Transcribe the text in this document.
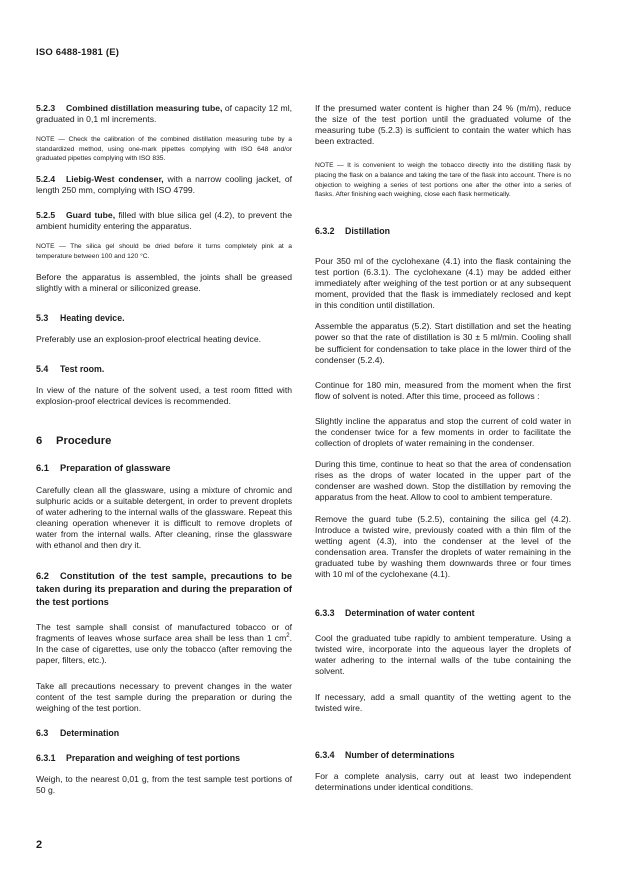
ISO 6488-1981 (E)

5.2.3 Combined distillation measuring tube, of capacity 12 ml, graduated in 0,1 ml increments.

NOTE — Check the calibration of the combined distillation measuring tube by a standardized method, using one-mark pipettes complying with ISO 648 and/or graduated pipettes complying with ISO 835.

5.2.4 Liebig-West condenser, with a narrow cooling jacket, of length 250 mm, complying with ISO 4799.

5.2.5 Guard tube, filled with blue silica gel (4.2), to prevent the ambient humidity entering the apparatus.

NOTE — The silica gel should be dried before it turns completely pink at a temperature between 100 and 120 °C.

Before the apparatus is assembled, the joints shall be greased slightly with a mineral or siliconized grease.

5.3 Heating device.

Preferably use an explosion-proof electrical heating device.

5.4 Test room.

In view of the nature of the solvent used, a test room fitted with explosion-proof electrical devices is recommended.

6 Procedure

6.1 Preparation of glassware

Carefully clean all the glassware, using a mixture of chromic and sulphuric acids or a suitable detergent, in order to prevent droplets of water adhering to the internal walls of the glassware. Repeat this cleaning operation whenever it is difficult to remove droplets of water from the internal walls. After cleaning, rinse the glassware with ethanol and then dry it.

6.2 Constitution of the test sample, precautions to be taken during its preparation and during the preparation of the test portions

The test sample shall consist of manufactured tobacco or of fragments of leaves whose surface area shall be less than 1 $cm^2$. In the case of cigarettes, use only the tobacco (after removing the paper, filters, etc.).

Take all precautions necessary to prevent changes in the water content of the test sample during the preparation or during the weighing of the test portion.

6.3 Determination

6.3.1 Preparation and weighing of test portions

Weigh, to the nearest 0,01 g, from the test sample test portions of 50 g.

If the presumed water content is higher than 24 % (m/m), reduce the size of the test portion until the graduated volume of the measuring tube (5.2.3) is sufficient to contain the water which has been extracted.

NOTE — It is convenient to weigh the tobacco directly into the distilling flask by placing the flask on a balance and taking the tare of the flask into account. There is no objection to weighing a series of test portions one after the other into a series of flasks. After finishing each weighing, close each flask hermetically.

6.3.2 Distillation

Pour 350 ml of the cyclohexane (4.1) into the flask containing the test portion (6.3.1). The cyclohexane (4.1) may be added either immediately after weighing of the test portion or at any subsequent moment, provided that the flask is immediately reclosed and kept in this condition until distillation.

Assemble the apparatus (5.2). Start distillation and set the heating power so that the rate of distillation is 30 ± 5 ml/min. Cooling shall be sufficient for condensation to take place in the lower third of the condenser (5.2.4).

Continue for 180 min, measured from the moment when the first flow of solvent is noted. After this time, proceed as follows :

Slightly incline the apparatus and stop the current of cold water in the condenser twice for a few moments in order to facilitate the collection of droplets of water remaining in the condenser.

During this time, continue to heat so that the area of condensation rises as the drops of water located in the upper part of the condenser are washed down. Stop the distillation by removing the apparatus from the heat. Allow to cool to ambient temperature.

Remove the guard tube (5.2.5), containing the silica gel (4.2). Introduce a twisted wire, previously coated with a thin film of the wetting agent (4.3), into the condenser at the level of the condensation area. Transfer the droplets of water remaining in the graduated tube by washing them downwards three or four times with 10 ml of the cyclohexane (4.1).

6.3.3 Determination of water content

Cool the graduated tube rapidly to ambient temperature. Using a twisted wire, incorporate into the aqueous layer the droplets of water adhering to the internal walls of the tube containing the solvent.

If necessary, add a small quantity of the wetting agent to the twisted wire.

6.3.4 Number of determinations

For a complete analysis, carry out at least two independent determinations under identical conditions.

2
